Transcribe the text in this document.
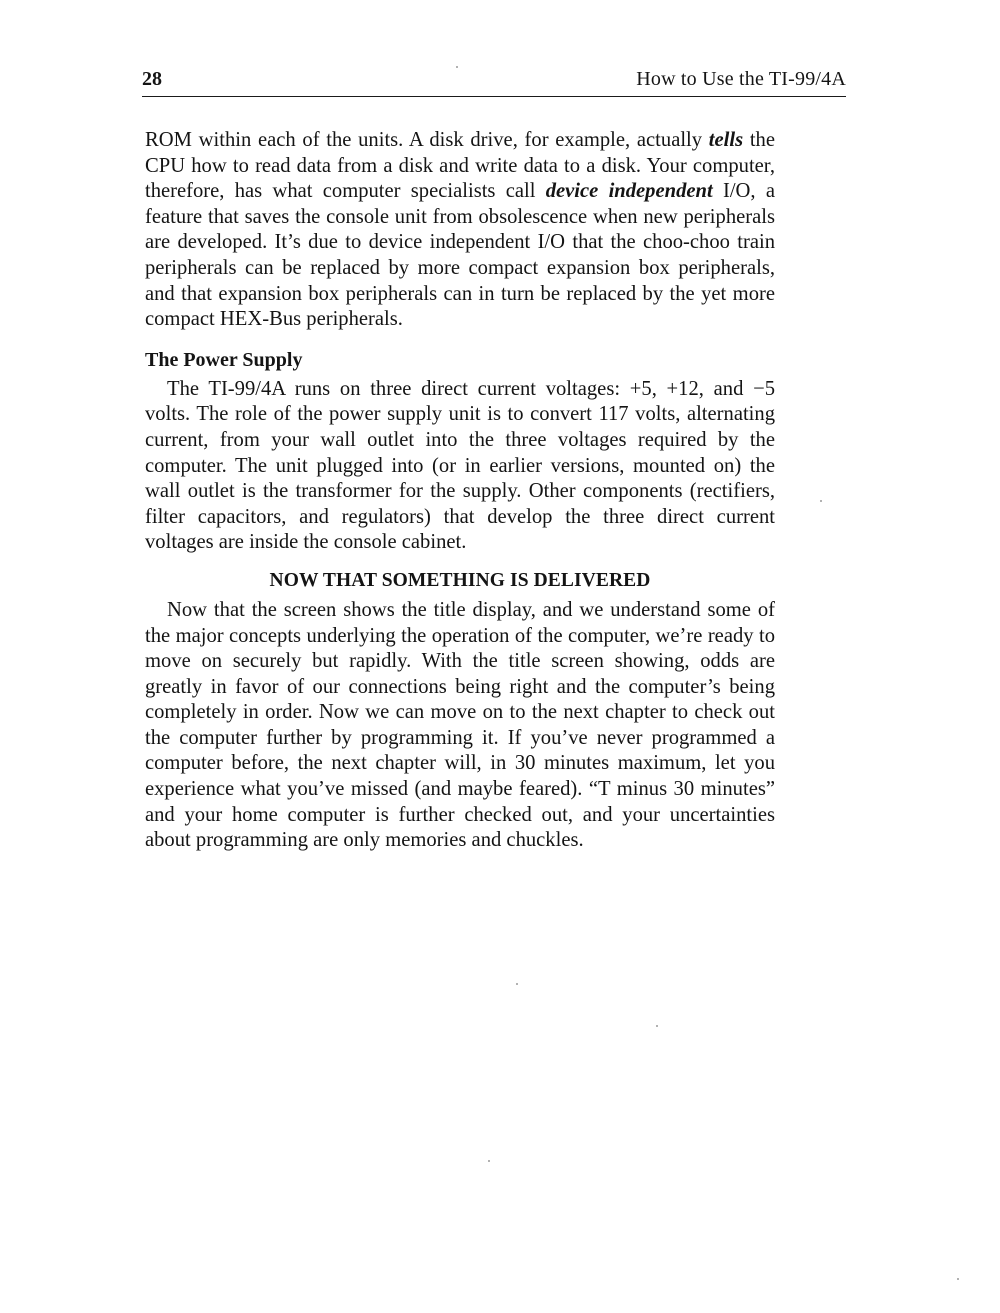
28	How to Use the TI-99/4A

ROM within each of the units. A disk drive, for example, actually tells the CPU how to read data from a disk and write data to a disk. Your computer, therefore, has what computer specialists call device independent I/O, a feature that saves the console unit from obsolescence when new peripherals are developed. It’s due to device independent I/O that the choo-choo train peripherals can be replaced by more compact expansion box peripherals, and that expansion box peripherals can in turn be replaced by the yet more compact HEX-Bus peripherals.

The Power Supply

The TI-99/4A runs on three direct current voltages: +5, +12, and −5 volts. The role of the power supply unit is to convert 117 volts, alternating current, from your wall outlet into the three voltages required by the computer. The unit plugged into (or in earlier versions, mounted on) the wall outlet is the transformer for the supply. Other components (rectifiers, filter capacitors, and regulators) that develop the three direct current voltages are inside the console cabinet.

NOW THAT SOMETHING IS DELIVERED

Now that the screen shows the title display, and we understand some of the major concepts underlying the operation of the computer, we’re ready to move on securely but rapidly. With the title screen showing, odds are greatly in favor of our connections being right and the computer’s being completely in order. Now we can move on to the next chapter to check out the computer further by programming it. If you’ve never programmed a computer before, the next chapter will, in 30 minutes maximum, let you experience what you’ve missed (and maybe feared). “T minus 30 minutes” and your home computer is further checked out, and your uncertainties about programming are only memories and chuckles.
